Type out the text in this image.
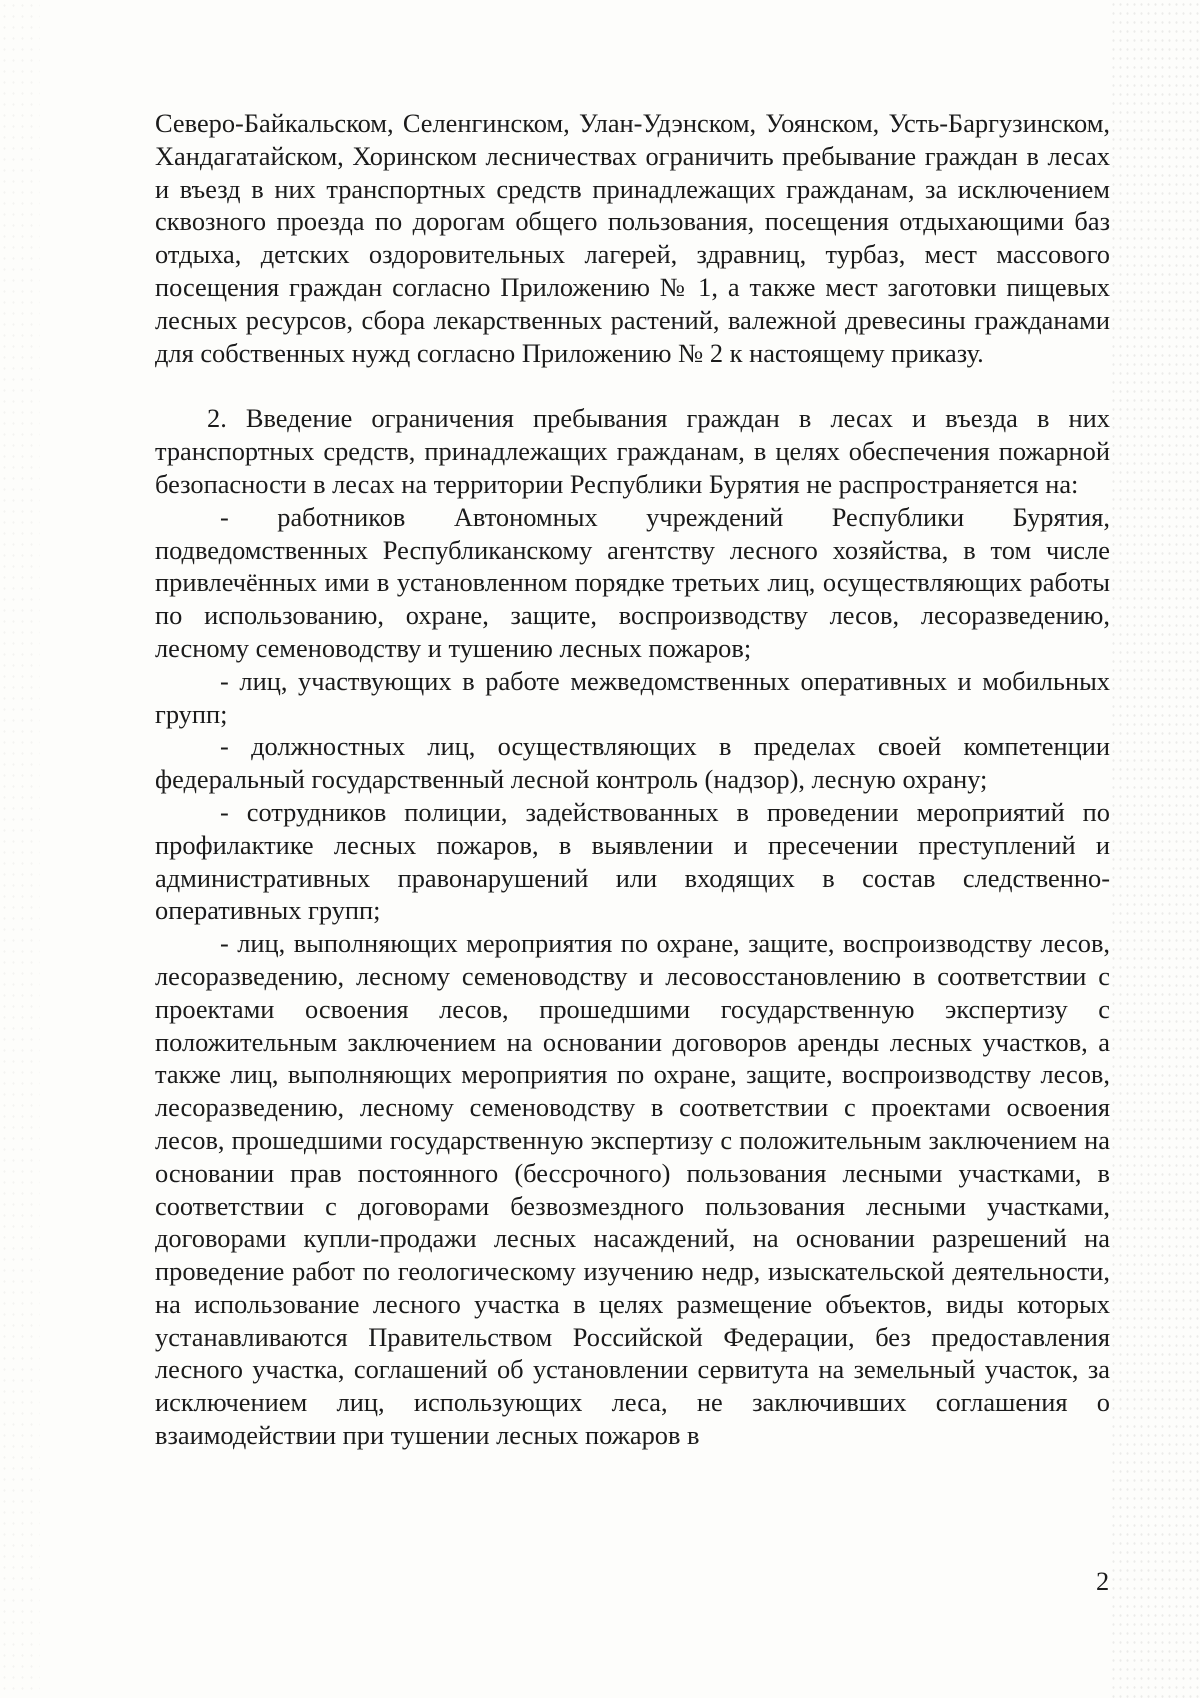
Северо-Байкальском, Селенгинском, Улан-Удэнском, Уоянском, Усть-Баргузинском, Хандагатайском, Хоринском лесничествах ограничить пребывание граждан в лесах и въезд в них транспортных средств принадлежащих гражданам, за исключением сквозного проезда по дорогам общего пользования, посещения отдыхающими баз отдыха, детских оздоровительных лагерей, здравниц, турбаз, мест массового посещения граждан согласно Приложению № 1, а также мест заготовки пищевых лесных ресурсов, сбора лекарственных растений, валежной древесины гражданами для собственных нужд согласно Приложению № 2 к настоящему приказу.

2. Введение ограничения пребывания граждан в лесах и въезда в них транспортных средств, принадлежащих гражданам, в целях обеспечения пожарной безопасности в лесах на территории Республики Бурятия не распространяется на:

- работников Автономных учреждений Республики Бурятия, подведомственных Республиканскому агентству лесного хозяйства, в том числе привлечённых ими в установленном порядке третьих лиц, осуществляющих работы по использованию, охране, защите, воспроизводству лесов, лесоразведению, лесному семеноводству и тушению лесных пожаров;

- лиц, участвующих в работе межведомственных оперативных и мобильных групп;

- должностных лиц, осуществляющих в пределах своей компетенции федеральный государственный лесной контроль (надзор), лесную охрану;

- сотрудников полиции, задействованных в проведении мероприятий по профилактике лесных пожаров, в выявлении и пресечении преступлений и административных правонарушений или входящих в состав следственно-оперативных групп;

- лиц, выполняющих мероприятия по охране, защите, воспроизводству лесов, лесоразведению, лесному семеноводству и лесовосстановлению в соответствии с проектами освоения лесов, прошедшими государственную экспертизу с положительным заключением на основании договоров аренды лесных участков, а также лиц, выполняющих мероприятия по охране, защите, воспроизводству лесов, лесоразведению, лесному семеноводству в соответствии с проектами освоения лесов, прошедшими государственную экспертизу с положительным заключением на основании прав постоянного (бессрочного) пользования лесными участками, в соответствии с договорами безвозмездного пользования лесными участками, договорами купли-продажи лесных насаждений, на основании разрешений на проведение работ по геологическому изучению недр, изыскательской деятельности, на использование лесного участка в целях размещение объектов, виды которых устанавливаются Правительством Российской Федерации, без предоставления лесного участка, соглашений об установлении сервитута на земельный участок, за исключением лиц, использующих леса, не заключивших соглашения о взаимодействии при тушении лесных пожаров в

2
